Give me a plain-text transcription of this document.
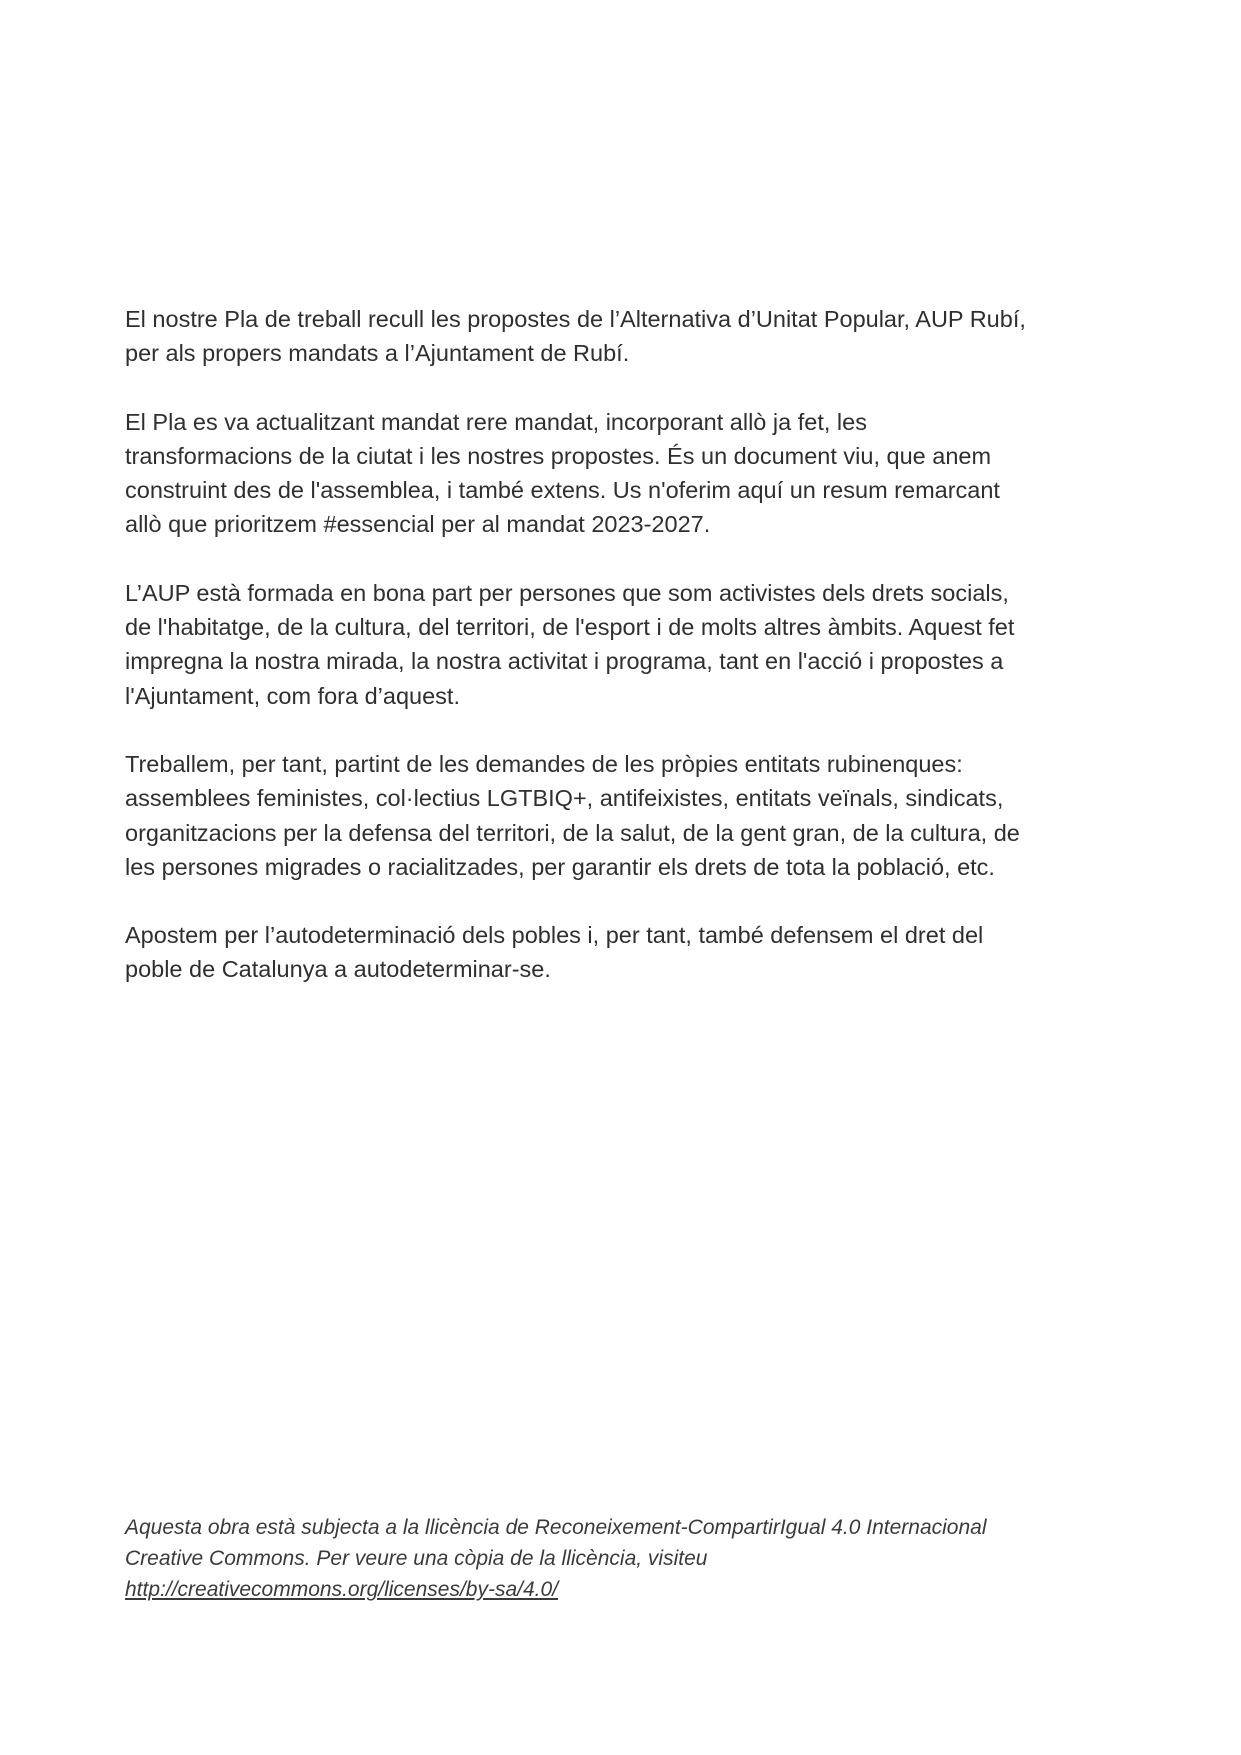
El nostre Pla de treball recull les propostes de l’Alternativa d’Unitat Popular, AUP Rubí,

per als propers mandats a l’Ajuntament de Rubí.

El Pla es va actualitzant mandat rere mandat, incorporant allò ja fet, les

transformacions de la ciutat i les nostres propostes. És un document viu, que anem

construint des de l'assemblea, i també extens. Us n'oferim aquí un resum remarcant

allò que prioritzem #essencial per al mandat 2023-2027.

L’AUP està formada en bona part per persones que som activistes dels drets socials,

de l'habitatge, de la cultura, del territori, de l'esport i de molts altres àmbits. Aquest fet

impregna la nostra mirada, la nostra activitat i programa, tant en l'acció i propostes a

l'Ajuntament, com fora d’aquest.

Treballem, per tant, partint de les demandes de les pròpies entitats rubinenques:

assemblees feministes, col·lectius LGTBIQ+, antifeixistes, entitats veïnals, sindicats,

organitzacions per la defensa del territori, de la salut, de la gent gran, de la cultura, de

les persones migrades o racialitzades, per garantir els drets de tota la població, etc.

Apostem per l’autodeterminació dels pobles i, per tant, també defensem el dret del

poble de Catalunya a autodeterminar-se.

Aquesta obra està subjecta a la llicència de Reconeixement-CompartirIgual 4.0 Internacional

Creative Commons. Per veure una còpia de la llicència, visiteu

http://creativecommons.org/licenses/by-sa/4.0/
